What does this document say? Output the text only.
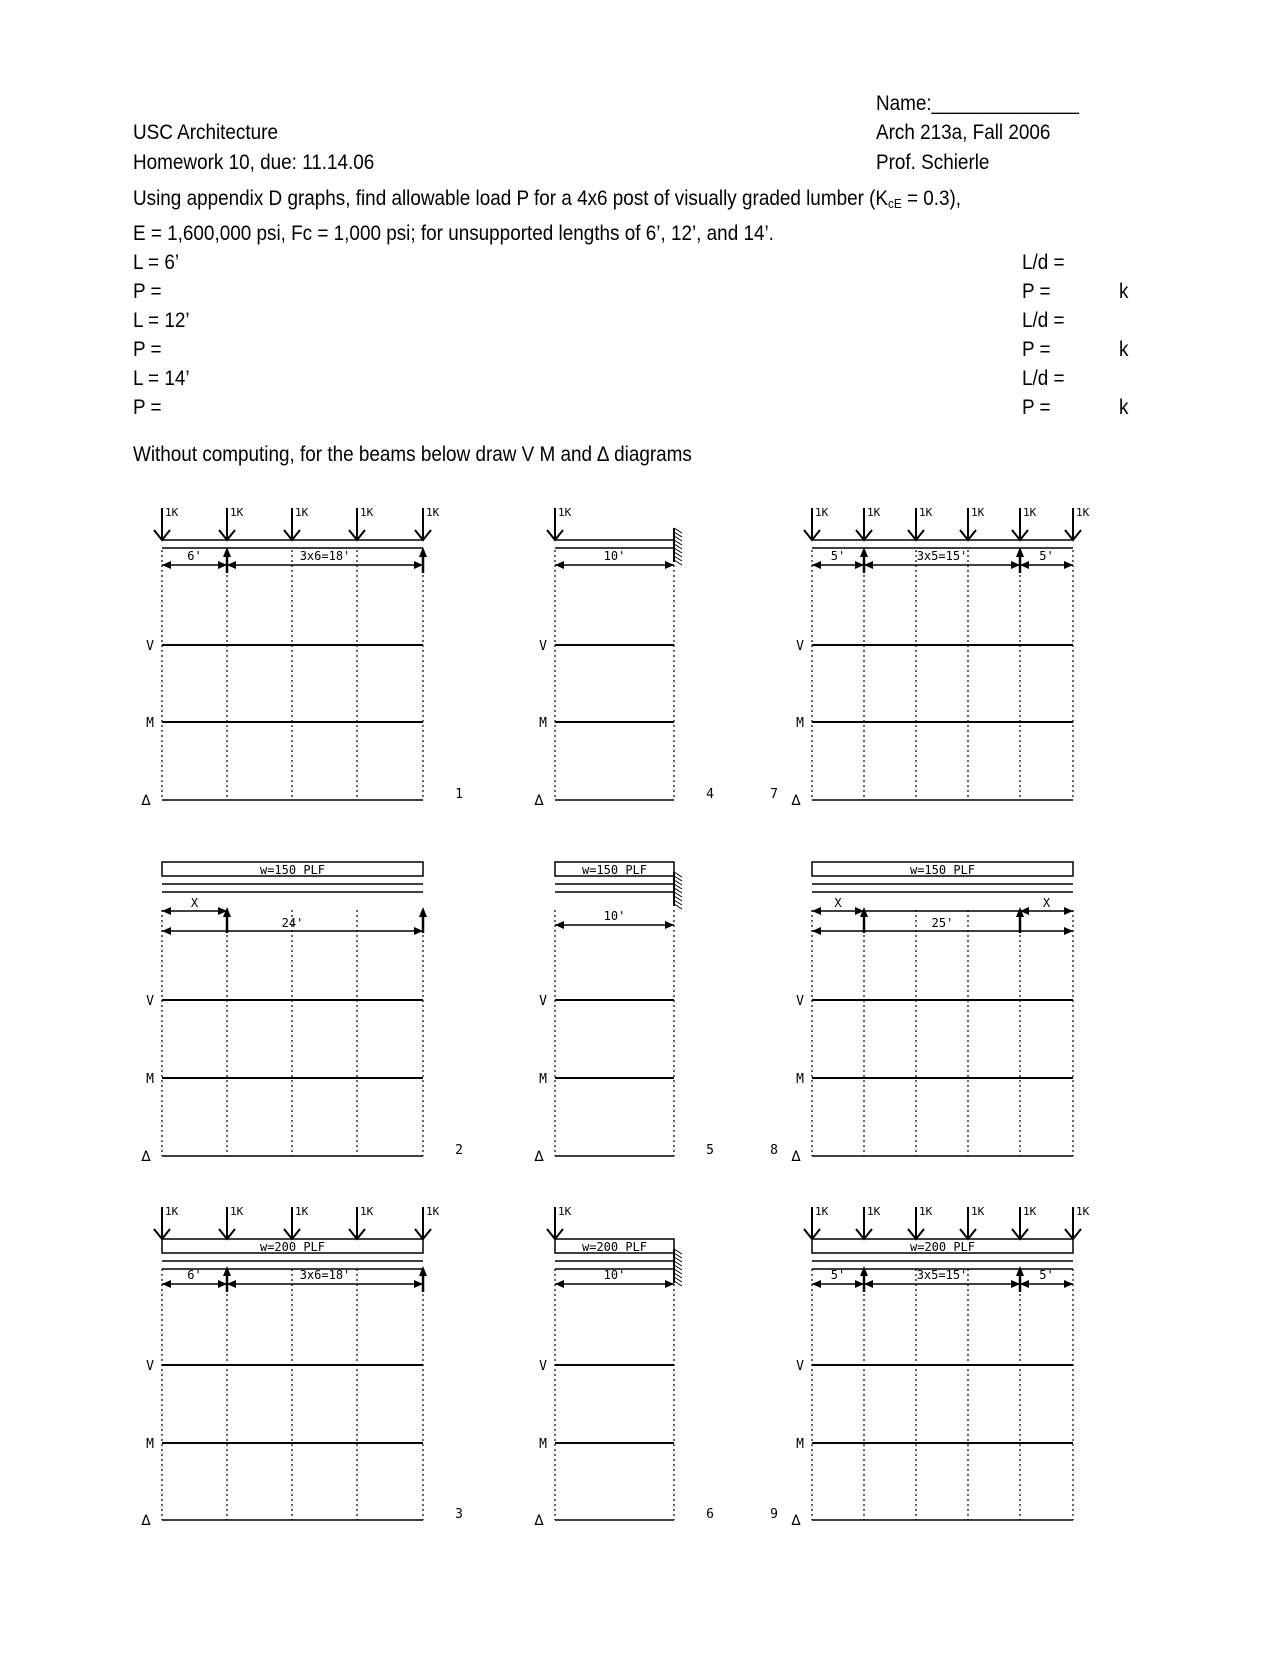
Name:______________
USC Architecture	Arch 213a, Fall 2006
Homework 10, due: 11.14.06	Prof. Schierle
Using appendix D graphs, find allowable load P for a 4x6 post of visually graded lumber $(K_{cE} = 0.3)$,
E = 1,600,000 psi, Fc = 1,000 psi; for unsupported lengths of 6’, 12’, and 14’.
L = 6’	L/d =
P =	P =	k
L = 12’	L/d =
P =	P =	k
L = 14’	L/d =
P =	P =	k
Without computing, for the beams below draw V M and ∆ diagrams
1K	1K	1K	1K	1K
6'	3x6=18'
V
M
∆	1
w=150 PLF
X
24'
V
M
∆	2
w=200 PLF
1K	1K	1K	1K	1K
6'	3x6=18'
V
M
∆	3
1K
10'
V
M
∆	4
w=150 PLF
10'
V
M
∆	5
w=200 PLF
1K
10'
V
M
∆	6
1K	1K	1K	1K	1K	1K
5'	3x5=15'	5'
V
M
∆
7
w=150 PLF
X	X
25'
V
M
∆
8
w=200 PLF
1K	1K	1K	1K	1K	1K
5'	3x5=15'	5'
V
M
∆
9
